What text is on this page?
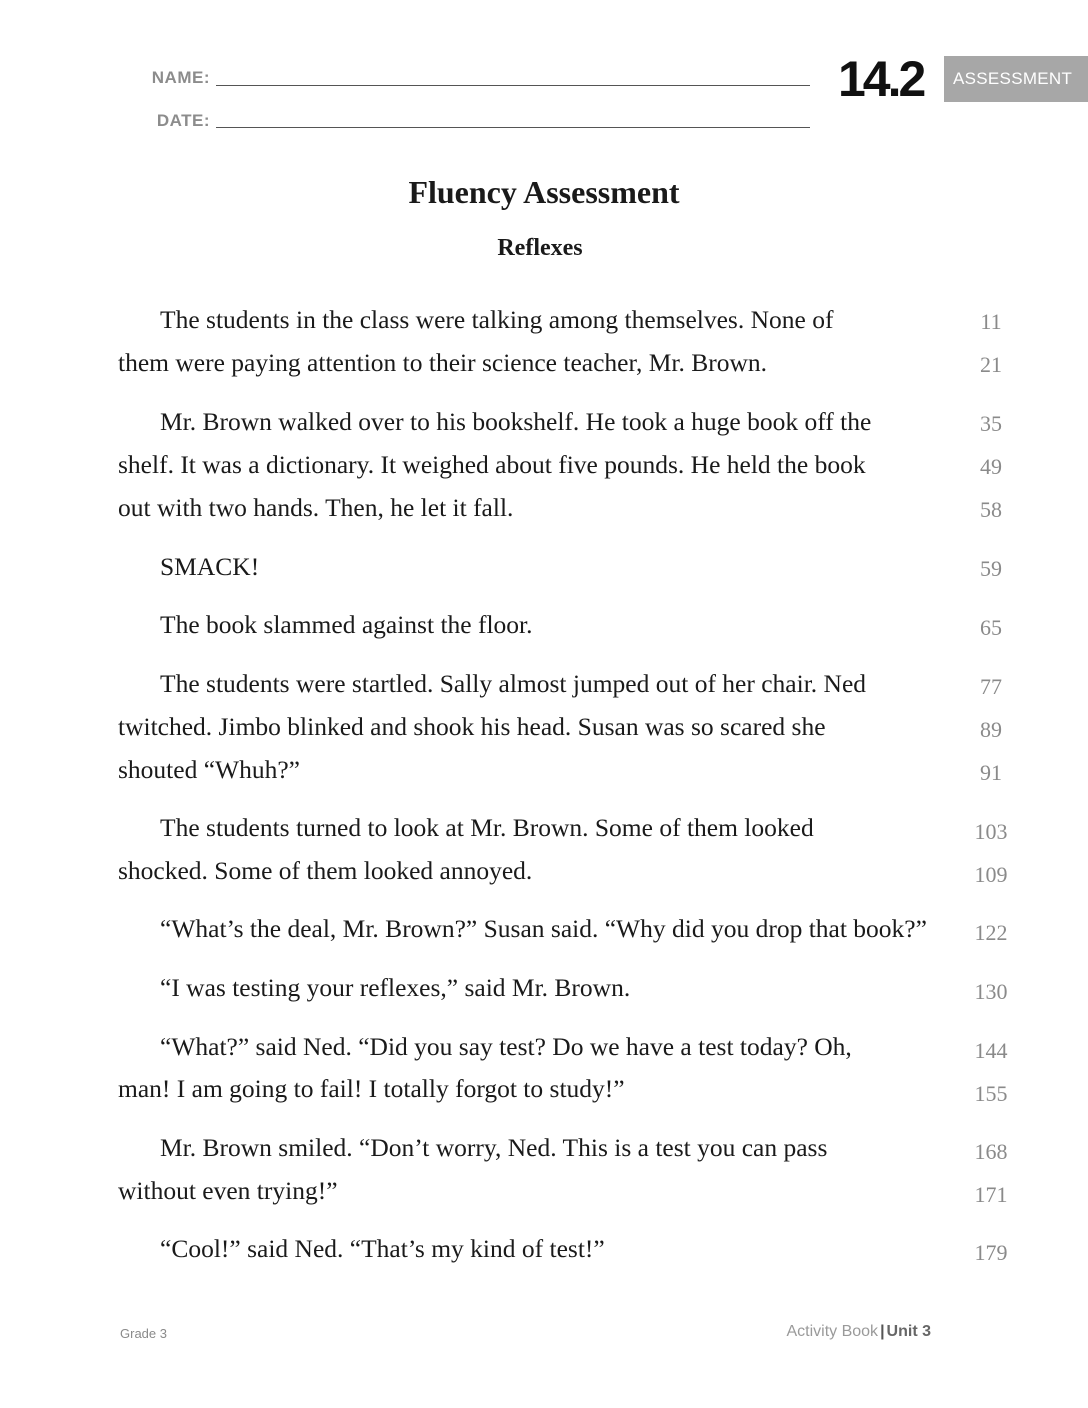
NAME:
DATE:
14.2	ASSESSMENT
Fluency Assessment
Reflexes
The students in the class were talking among themselves. None of	11
them were paying attention to their science teacher, Mr. Brown.	21
Mr. Brown walked over to his bookshelf. He took a huge book off the	35
shelf. It was a dictionary. It weighed about five pounds. He held the book	49
out with two hands. Then, he let it fall.	58
SMACK!	59
The book slammed against the floor.	65
The students were startled. Sally almost jumped out of her chair. Ned	77
twitched. Jimbo blinked and shook his head. Susan was so scared she	89
shouted “Whuh?”	91
The students turned to look at Mr. Brown. Some of them looked	103
shocked. Some of them looked annoyed.	109
“What’s the deal, Mr. Brown?” Susan said. “Why did you drop that book?”	122
“I was testing your reflexes,” said Mr. Brown.	130
“What?” said Ned. “Did you say test? Do we have a test today? Oh,	144
man! I am going to fail! I totally forgot to study!”	155
Mr. Brown smiled. “Don’t worry, Ned. This is a test you can pass	168
without even trying!”	171
“Cool!” said Ned. “That’s my kind of test!”	179
Grade 3	Activity Book | Unit 3
